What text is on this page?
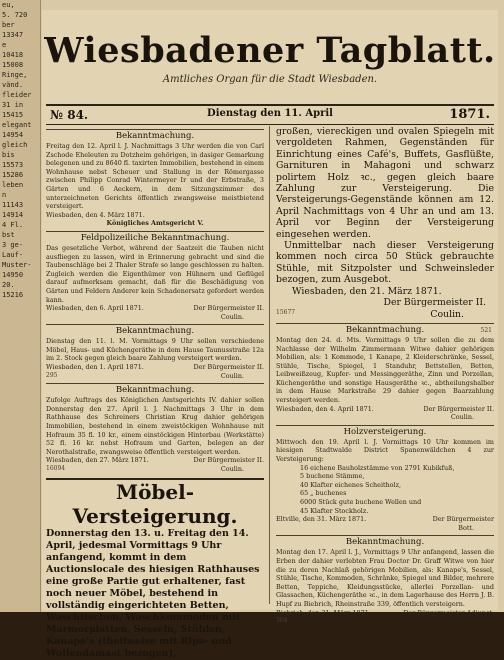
eu,
5. 720
ber
13347
e
10418
15008
Ringe,
vänd.
fleider
31 in
15415
elegant
14954
gleich
bis
15573
15286
leben
n
11143
14914
4 Fl.
bst
3 ge-
Lauf-
Muster-
14950
20.
15216
Wiesbadener Tagblatt.
Amtliches Organ für die Stadt Wiesbaden.
№ 84.	Dienstag den 11. April	1871.
Bekanntmachung.
Freitag den 12. April l. J. Nachmittags 3 Uhr werden die von Carl Zschode Eheleuten zu Dotzheim gehörigen, in dasiger Gemarkung belegenen und zu 8640 fl. taxirten Immobilien, bestehend in einem Wohnhause nebst Scheuer und Stallung in der Römergasse zwischen Philipp Conrad Wintermeyer Ir und der Erbstraße, 3 Gärten und 6 Aeckern, in dem Sitzungszimmer des unterzeichneten Gerichts öffentlich zwangsweise meistbietend versteigert.
Wiesbaden, den 4. März 1871.
Königliches Amtsgericht V.
Feldpolizeiliche Bekanntmachung.
Das gesetzliche Verbot, während der Saatzeit die Tauben nicht ausfliegen zu lassen, wird in Erinnerung gebracht und sind die Taubenschläge bei 2 Thaler Strafe so lange geschlossen zu halten. Zugleich werden die Eigenthümer von Hühnern und Geflügel darauf aufmerksam gemacht, daß für die Beschädigung von Gärten und Feldern Anderer kein Schadenersatz gefordert werden kann.
Wiesbaden, den 6. April 1871.	Der Bürgermeister II.
Coulin.
Bekanntmachung.
Dienstag den 11. l. M. Vormittags 9 Uhr sollen verschiedene Möbel, Haus- und Küchengeräthe in dem Hause Taunusstraße 12a im 2. Stock gegen gleich baare Zahlung versteigert werden.
Wiesbaden, den 1. April 1871.	Der Bürgermeister II.
295	Coulin.
Bekanntmachung.
Zufolge Auftrags des Königlichen Amtsgerichts IV. dahier sollen Donnerstag den 27. April l. J. Nachmittags 3 Uhr in dem Rathhause des Schreiners Christian Krug dahier gehörigen Immobilien, bestehend in einem zweistöckigen Wohnhause mit Hofraum 35 fl. 10 kr., einem einstöckigen Hinterbau (Werkstätte) 52 fl. 16 kr. nebst Hofraum und Garten, belegen an der Nerothalstraße, zwangsweise öffentlich versteigert werden.
Wiesbaden, den 27. März 1871.	Der Bürgermeister II.
16094	Coulin.
Möbel-Versteigerung.
Donnerstag den 13. u. Freitag den 14. April, jedesmal Vormittags 9 Uhr anfangend, kommt in dem Auctionslocale des hiesigen Rathhauses eine große Partie gut erhaltener, fast noch neuer Möbel, bestehend in vollständig eingerichteten Betten, Waschtischen, Waschkommoden mit Marmorplatten, Sesseln, Stühlen, Kanape's (theilweise mit Rips- und Wollendamast bezogen),
großen, viereckigen und ovalen Spiegeln mit vergoldeten Rahmen, Gegenständen für Einrichtung eines Café's, Buffets, Gasflüßte, Garnituren in Mahagoni und schwarz polirtem Holz ꝛc., gegen gleich baare Zahlung zur Versteigerung. Die Versteigerungs-Gegenstände können am 12. April Nachmittags von 4 Uhr an und am 13. April vor Beginn der Versteigerung eingesehen werden.
Unmittelbar nach dieser Versteigerung kommen noch circa 50 Stück gebrauchte Stühle, mit Sitzpolster und Schweinsleder bezogen, zum Ausgebot.
Wiesbaden, den 21. März 1871.
Der Bürgermeister II.
15677	Coulin.
Bekanntmachung.	521
Montag den 24. d. Mts. Vormittags 9 Uhr sollen die zu dem Nachlasse der Wilhelm Zimmermann Witwe dahier gehörigen Mobilien, als: 1 Kommode, 1 Kanape, 2 Kleiderschränke, Sessel, Stühle, Tische, Spiegel, 1 Standuhr, Bettstellen, Betten, Leibweißzeug, Kupfer- und Messinggeräthe, Zinn und Porzellan, Küchengeräthe und sonstige Hausgeräthe ꝛc., abtheilungshalber in dem Hause Markstraße 29 dahier gegen Baarzahlung versteigert werden.
Wiesbaden, den 4. April 1871.	Der Bürgermeister II.
Coulin.
Holzversteigerung.
Mittwoch den 19. April l. J. Vormittags 10 Uhr kommen im hiesigen Stadtwalde District Spanenwäldchen 4 zur Versteigerung:
16 eichene Bauholzstämme von 2791 Kubikfuß,
5 buchene Stämme,
40 Klafter eichenes Scheitholz,
65 „ buchenes
6000 Stück gute buchene Wellen und
45 Klafter Stockholz.
Eltville, den 31. März 1871.	Der Bürgermeister
Bott.
Bekanntmachung.
Montag den 17. April l. J., Vormittags 9 Uhr anfangend, lassen die Erben der dahier verlebten Frau Doctor Dr. Graff Witwe von hier die zu deren Nachlaß gehörigen Mobilien, als: Kanape's, Sessel, Stühle, Tische, Kommoden, Schränke, Spiegel und Bilder, mehrere Betten, Teppiche, Kleidungsstücke, allerlei Porzellan- und Glassachen, Küchengeräthe ꝛc., in dem Lagerhause des Herrn J. B. Hupf zu Biebrich, Rheinstraße 339, öffentlich versteigern.
Biebrich, den 31. März 1871.	Der Bürgermeister-Adjunct.
304	Groß.
